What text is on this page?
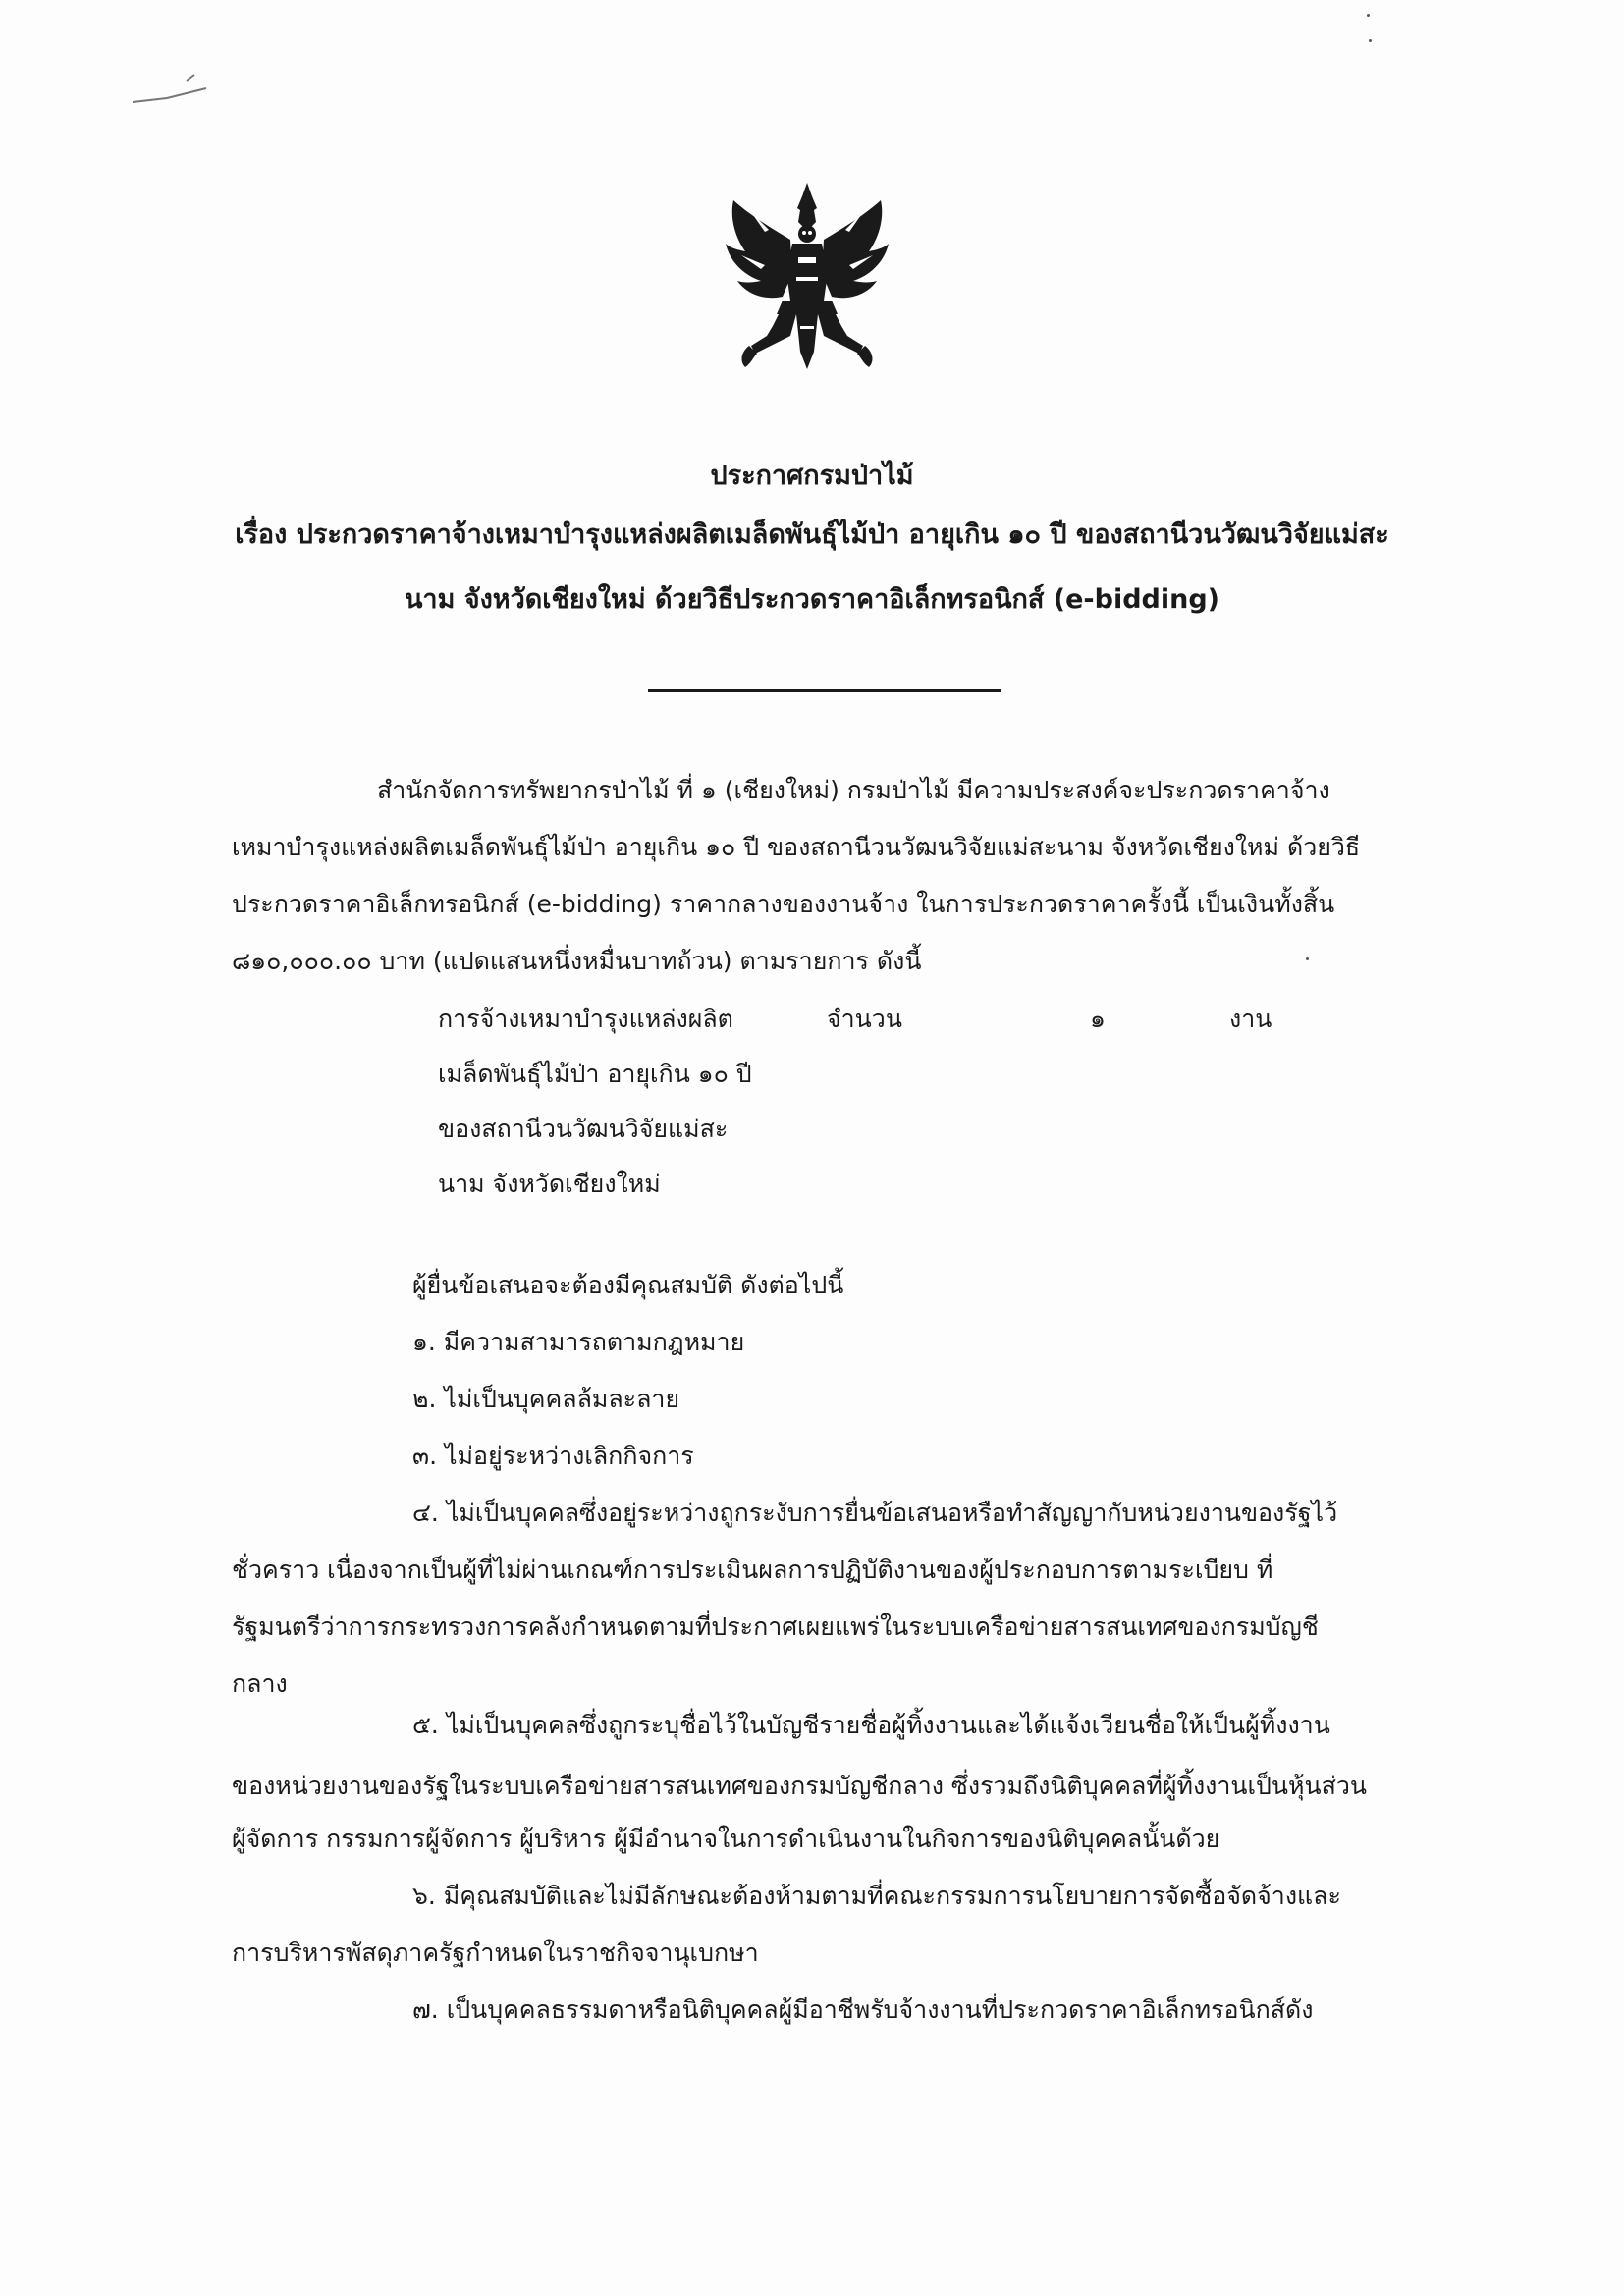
ประกาศกรมป่าไม้
เรื่อง ประกวดราคาจ้างเหมาบำรุงแหล่งผลิตเมล็ดพันธุ์ไม้ป่า อายุเกิน ๑๐ ปี ของสถานีวนวัฒนวิจัยแม่สะ
นาม จังหวัดเชียงใหม่ ด้วยวิธีประกวดราคาอิเล็กทรอนิกส์ (e-bidding)
สำนักจัดการทรัพยากรป่าไม้ ที่ ๑ (เชียงใหม่) กรมป่าไม้ มีความประสงค์จะประกวดราคาจ้าง
เหมาบำรุงแหล่งผลิตเมล็ดพันธุ์ไม้ป่า อายุเกิน ๑๐ ปี ของสถานีวนวัฒนวิจัยแม่สะนาม จังหวัดเชียงใหม่ ด้วยวิธี
ประกวดราคาอิเล็กทรอนิกส์ (e-bidding) ราคากลางของงานจ้าง ในการประกวดราคาครั้งนี้ เป็นเงินทั้งสิ้น
๘๑๐,๐๐๐.๐๐ บาท (แปดแสนหนึ่งหมื่นบาทถ้วน) ตามรายการ ดังนี้
การจ้างเหมาบำรุงแหล่งผลิต
เมล็ดพันธุ์ไม้ป่า อายุเกิน ๑๐ ปี
ของสถานีวนวัฒนวิจัยแม่สะ
นาม จังหวัดเชียงใหม่
จำนวน	๑	งาน
ผู้ยื่นข้อเสนอจะต้องมีคุณสมบัติ ดังต่อไปนี้
๑. มีความสามารถตามกฎหมาย
๒. ไม่เป็นบุคคลล้มละลาย
๓. ไม่อยู่ระหว่างเลิกกิจการ
๔. ไม่เป็นบุคคลซึ่งอยู่ระหว่างถูกระงับการยื่นข้อเสนอหรือทำสัญญากับหน่วยงานของรัฐไว้
ชั่วคราว เนื่องจากเป็นผู้ที่ไม่ผ่านเกณฑ์การประเมินผลการปฏิบัติงานของผู้ประกอบการตามระเบียบ ที่
รัฐมนตรีว่าการกระทรวงการคลังกำหนดตามที่ประกาศเผยแพร่ในระบบเครือข่ายสารสนเทศของกรมบัญชี
กลาง
๕. ไม่เป็นบุคคลซึ่งถูกระบุชื่อไว้ในบัญชีรายชื่อผู้ทิ้งงานและได้แจ้งเวียนชื่อให้เป็นผู้ทิ้งงาน
ของหน่วยงานของรัฐในระบบเครือข่ายสารสนเทศของกรมบัญชีกลาง ซึ่งรวมถึงนิติบุคคลที่ผู้ทิ้งงานเป็นหุ้นส่วน
ผู้จัดการ กรรมการผู้จัดการ ผู้บริหาร ผู้มีอำนาจในการดำเนินงานในกิจการของนิติบุคคลนั้นด้วย
๖. มีคุณสมบัติและไม่มีลักษณะต้องห้ามตามที่คณะกรรมการนโยบายการจัดซื้อจัดจ้างและ
การบริหารพัสดุภาครัฐกำหนดในราชกิจจานุเบกษา
๗. เป็นบุคคลธรรมดาหรือนิติบุคคลผู้มีอาชีพรับจ้างงานที่ประกวดราคาอิเล็กทรอนิกส์ดัง
